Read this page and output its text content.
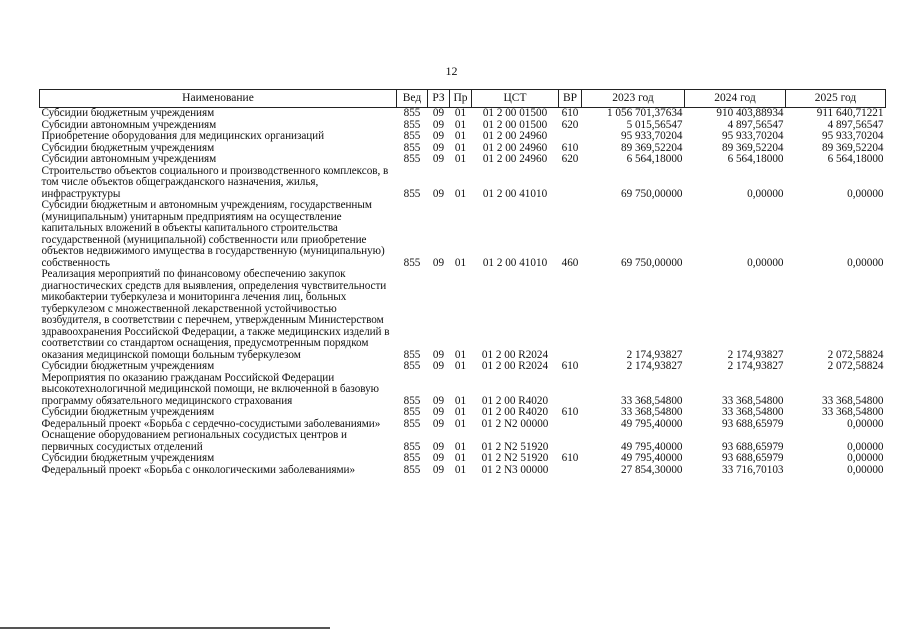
12
Наименование	Вед	РЗ	Пр	ЦСТ	ВР	2023 год	2024 год	2025 год
Субсидии бюджетным учреждениям	855	09	01	01 2 00 01500	610	1 056 701,37634	910 403,88934	911 640,71221
Субсидии автономным учреждениям	855	09	01	01 2 00 01500	620	5 015,56547	4 897,56547	4 897,56547
Приобретение оборудования для медицинских организаций	855	09	01	01 2 00 24960		95 933,70204	95 933,70204	95 933,70204
Субсидии бюджетным учреждениям	855	09	01	01 2 00 24960	610	89 369,52204	89 369,52204	89 369,52204
Субсидии автономным учреждениям	855	09	01	01 2 00 24960	620	6 564,18000	6 564,18000	6 564,18000
Строительство объектов социального и производственного комплексов, в том числе объектов общегражданского назначения, жилья, инфраструктуры	855	09	01	01 2 00 41010		69 750,00000	0,00000	0,00000
Субсидии бюджетным и автономным учреждениям, государственным (муниципальным) унитарным предприятиям на осуществление капитальных вложений в объекты капитального строительства государственной (муниципальной) собственности или приобретение объектов недвижимого имущества в государственную (муниципальную) собственность	855	09	01	01 2 00 41010	460	69 750,00000	0,00000	0,00000
Реализация мероприятий по финансовому обеспечению закупок диагностических средств для выявления, определения чувствительности микобактерии туберкулеза и мониторинга лечения лиц, больных туберкулезом с множественной лекарственной устойчивостью возбудителя, в соответствии с перечнем, утвержденным Министерством здравоохранения Российской Федерации, а также медицинских изделий в соответствии со стандартом оснащения, предусмотренным порядком оказания медицинской помощи больным туберкулезом	855	09	01	01 2 00 R2024		2 174,93827	2 174,93827	2 072,58824
Субсидии бюджетным учреждениям	855	09	01	01 2 00 R2024	610	2 174,93827	2 174,93827	2 072,58824
Мероприятия по оказанию гражданам Российской Федерации высокотехнологичной медицинской помощи, не включенной в базовую программу обязательного медицинского страхования	855	09	01	01 2 00 R4020		33 368,54800	33 368,54800	33 368,54800
Субсидии бюджетным учреждениям	855	09	01	01 2 00 R4020	610	33 368,54800	33 368,54800	33 368,54800
Федеральный проект «Борьба с сердечно-сосудистыми заболеваниями»	855	09	01	01 2 N2 00000		49 795,40000	93 688,65979	0,00000
Оснащение оборудованием региональных сосудистых центров и первичных сосудистых отделений	855	09	01	01 2 N2 51920		49 795,40000	93 688,65979	0,00000
Субсидии бюджетным учреждениям	855	09	01	01 2 N2 51920	610	49 795,40000	93 688,65979	0,00000
Федеральный проект «Борьба с онкологическими заболеваниями»	855	09	01	01 2 N3 00000		27 854,30000	33 716,70103	0,00000
